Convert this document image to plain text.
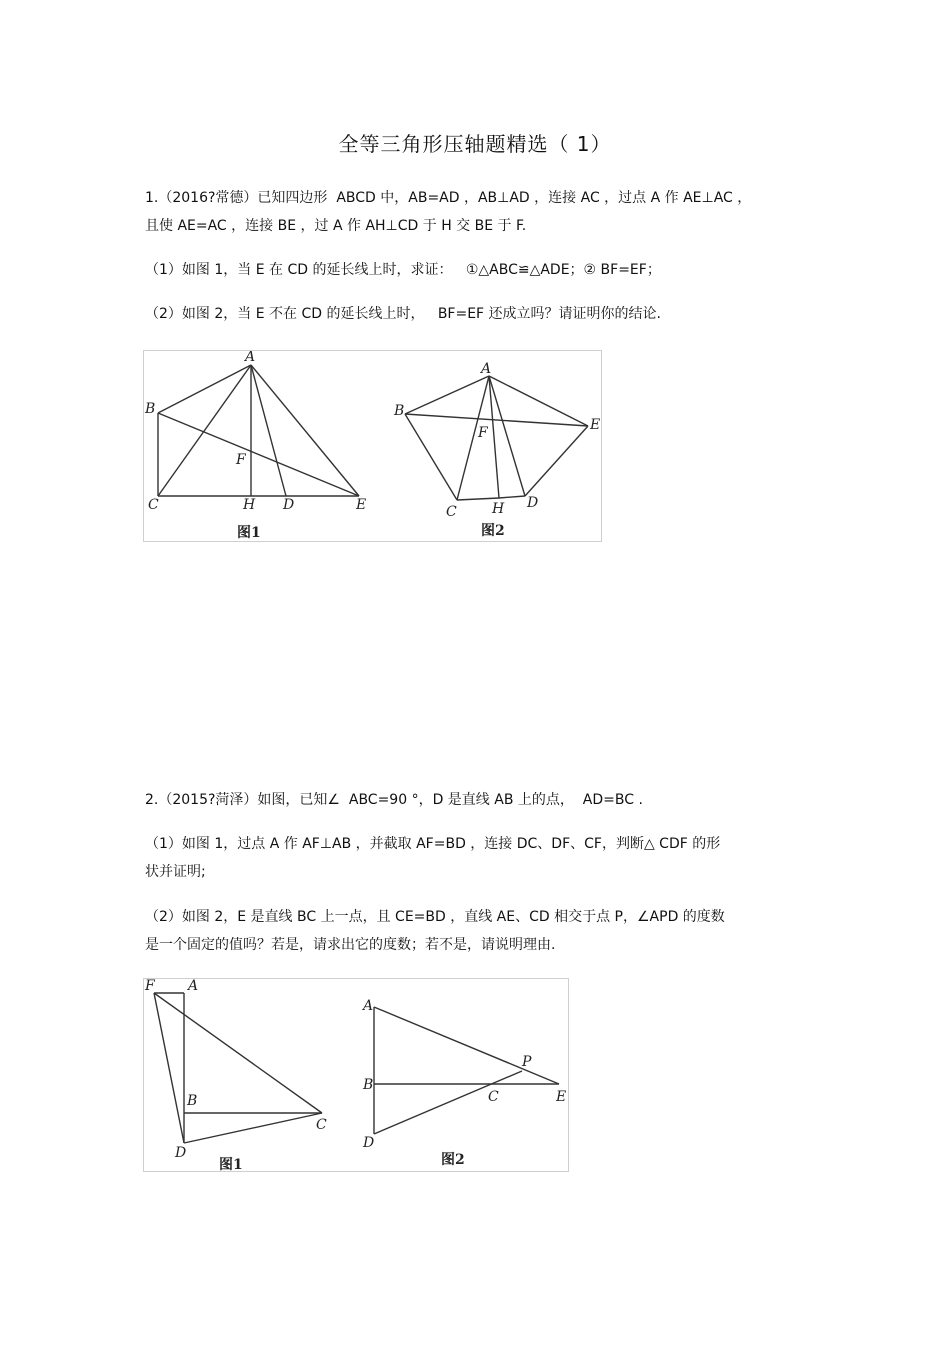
全等三角形压轴题精选（ 1）
1.（2016?常德）已知四边形  ABCD 中，AB=AD ，AB⊥AD ，连接 AC ，过点 A 作 AE⊥AC ，
且使 AE=AC ，连接 BE ，过 A 作 AH⊥CD 于 H 交 BE 于 F.
（1）如图 1，当 E 在 CD 的延长线上时，求证：   ①△ABC≌△ADE；② BF=EF；
（2）如图 2，当 E 不在 CD 的延长线上时，   BF=EF 还成立吗？请证明你的结论.
A
B
C	D	E
F
H
图1
A
B
C
D
E
F
H
图2
2.（2015?菏泽）如图，已知∠  ABC=90 °，D 是直线 AB 上的点，  AD=BC .
（1）如图 1，过点 A 作 AF⊥AB ，并截取 AF=BD ，连接 DC、DF、CF，判断△ CDF 的形
状并证明;
（2）如图 2，E 是直线 BC 上一点，且 CE=BD ，直线 AE、CD 相交于点 P，∠APD 的度数
是一个固定的值吗？若是，请求出它的度数；若不是，请说明理由.
F A
B
C
D
图1
A
B
C
D
E
P
图2
